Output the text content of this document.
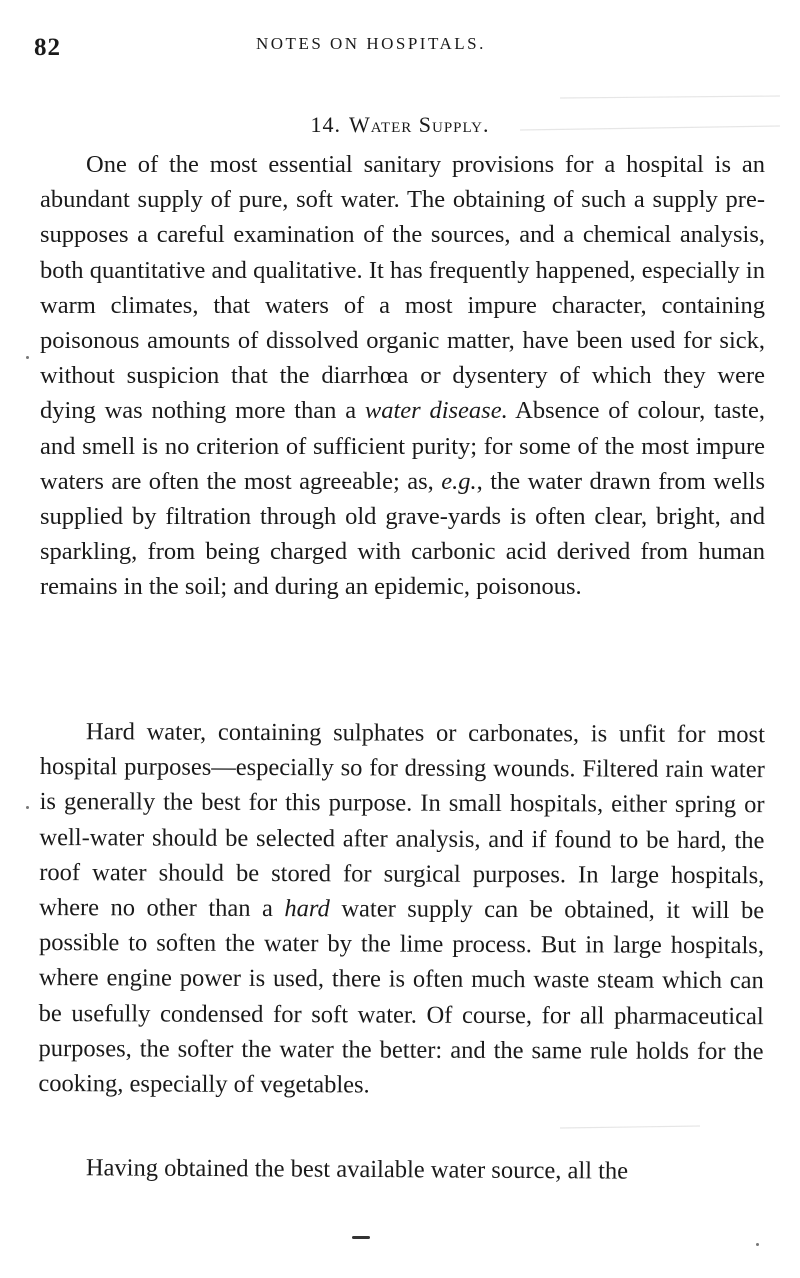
82	NOTES ON HOSPITALS.
14. Water Supply.

One of the most essential sanitary provisions for a hospital is an abundant supply of pure, soft water. The obtaining of such a supply pre-supposes a careful examination of the sources, and a chemical analysis, both quantitative and qualitative. It has frequently happened, especially in warm climates, that waters of a most impure character, containing poisonous amounts of dissolved organic matter, have been used for sick, without suspicion that the diarrhœa or dysentery of which they were dying was nothing more than a water disease. Absence of colour, taste, and smell is no criterion of sufficient purity; for some of the most impure waters are often the most agreeable; as, e.g., the water drawn from wells supplied by filtration through old grave-yards is often clear, bright, and sparkling, from being charged with carbonic acid derived from human remains in the soil; and during an epidemic, poisonous.

Hard water, containing sulphates or carbonates, is unfit for most hospital purposes—especially so for dressing wounds. Filtered rain water is generally the best for this purpose. In small hospitals, either spring or well-water should be selected after analysis, and if found to be hard, the roof water should be stored for surgical purposes. In large hospitals, where no other than a hard water supply can be obtained, it will be possible to soften the water by the lime process. But in large hospitals, where engine power is used, there is often much waste steam which can be usefully condensed for soft water. Of course, for all pharmaceutical purposes, the softer the water the better: and the same rule holds for the cooking, especially of vegetables.

Having obtained the best available water source, all the
